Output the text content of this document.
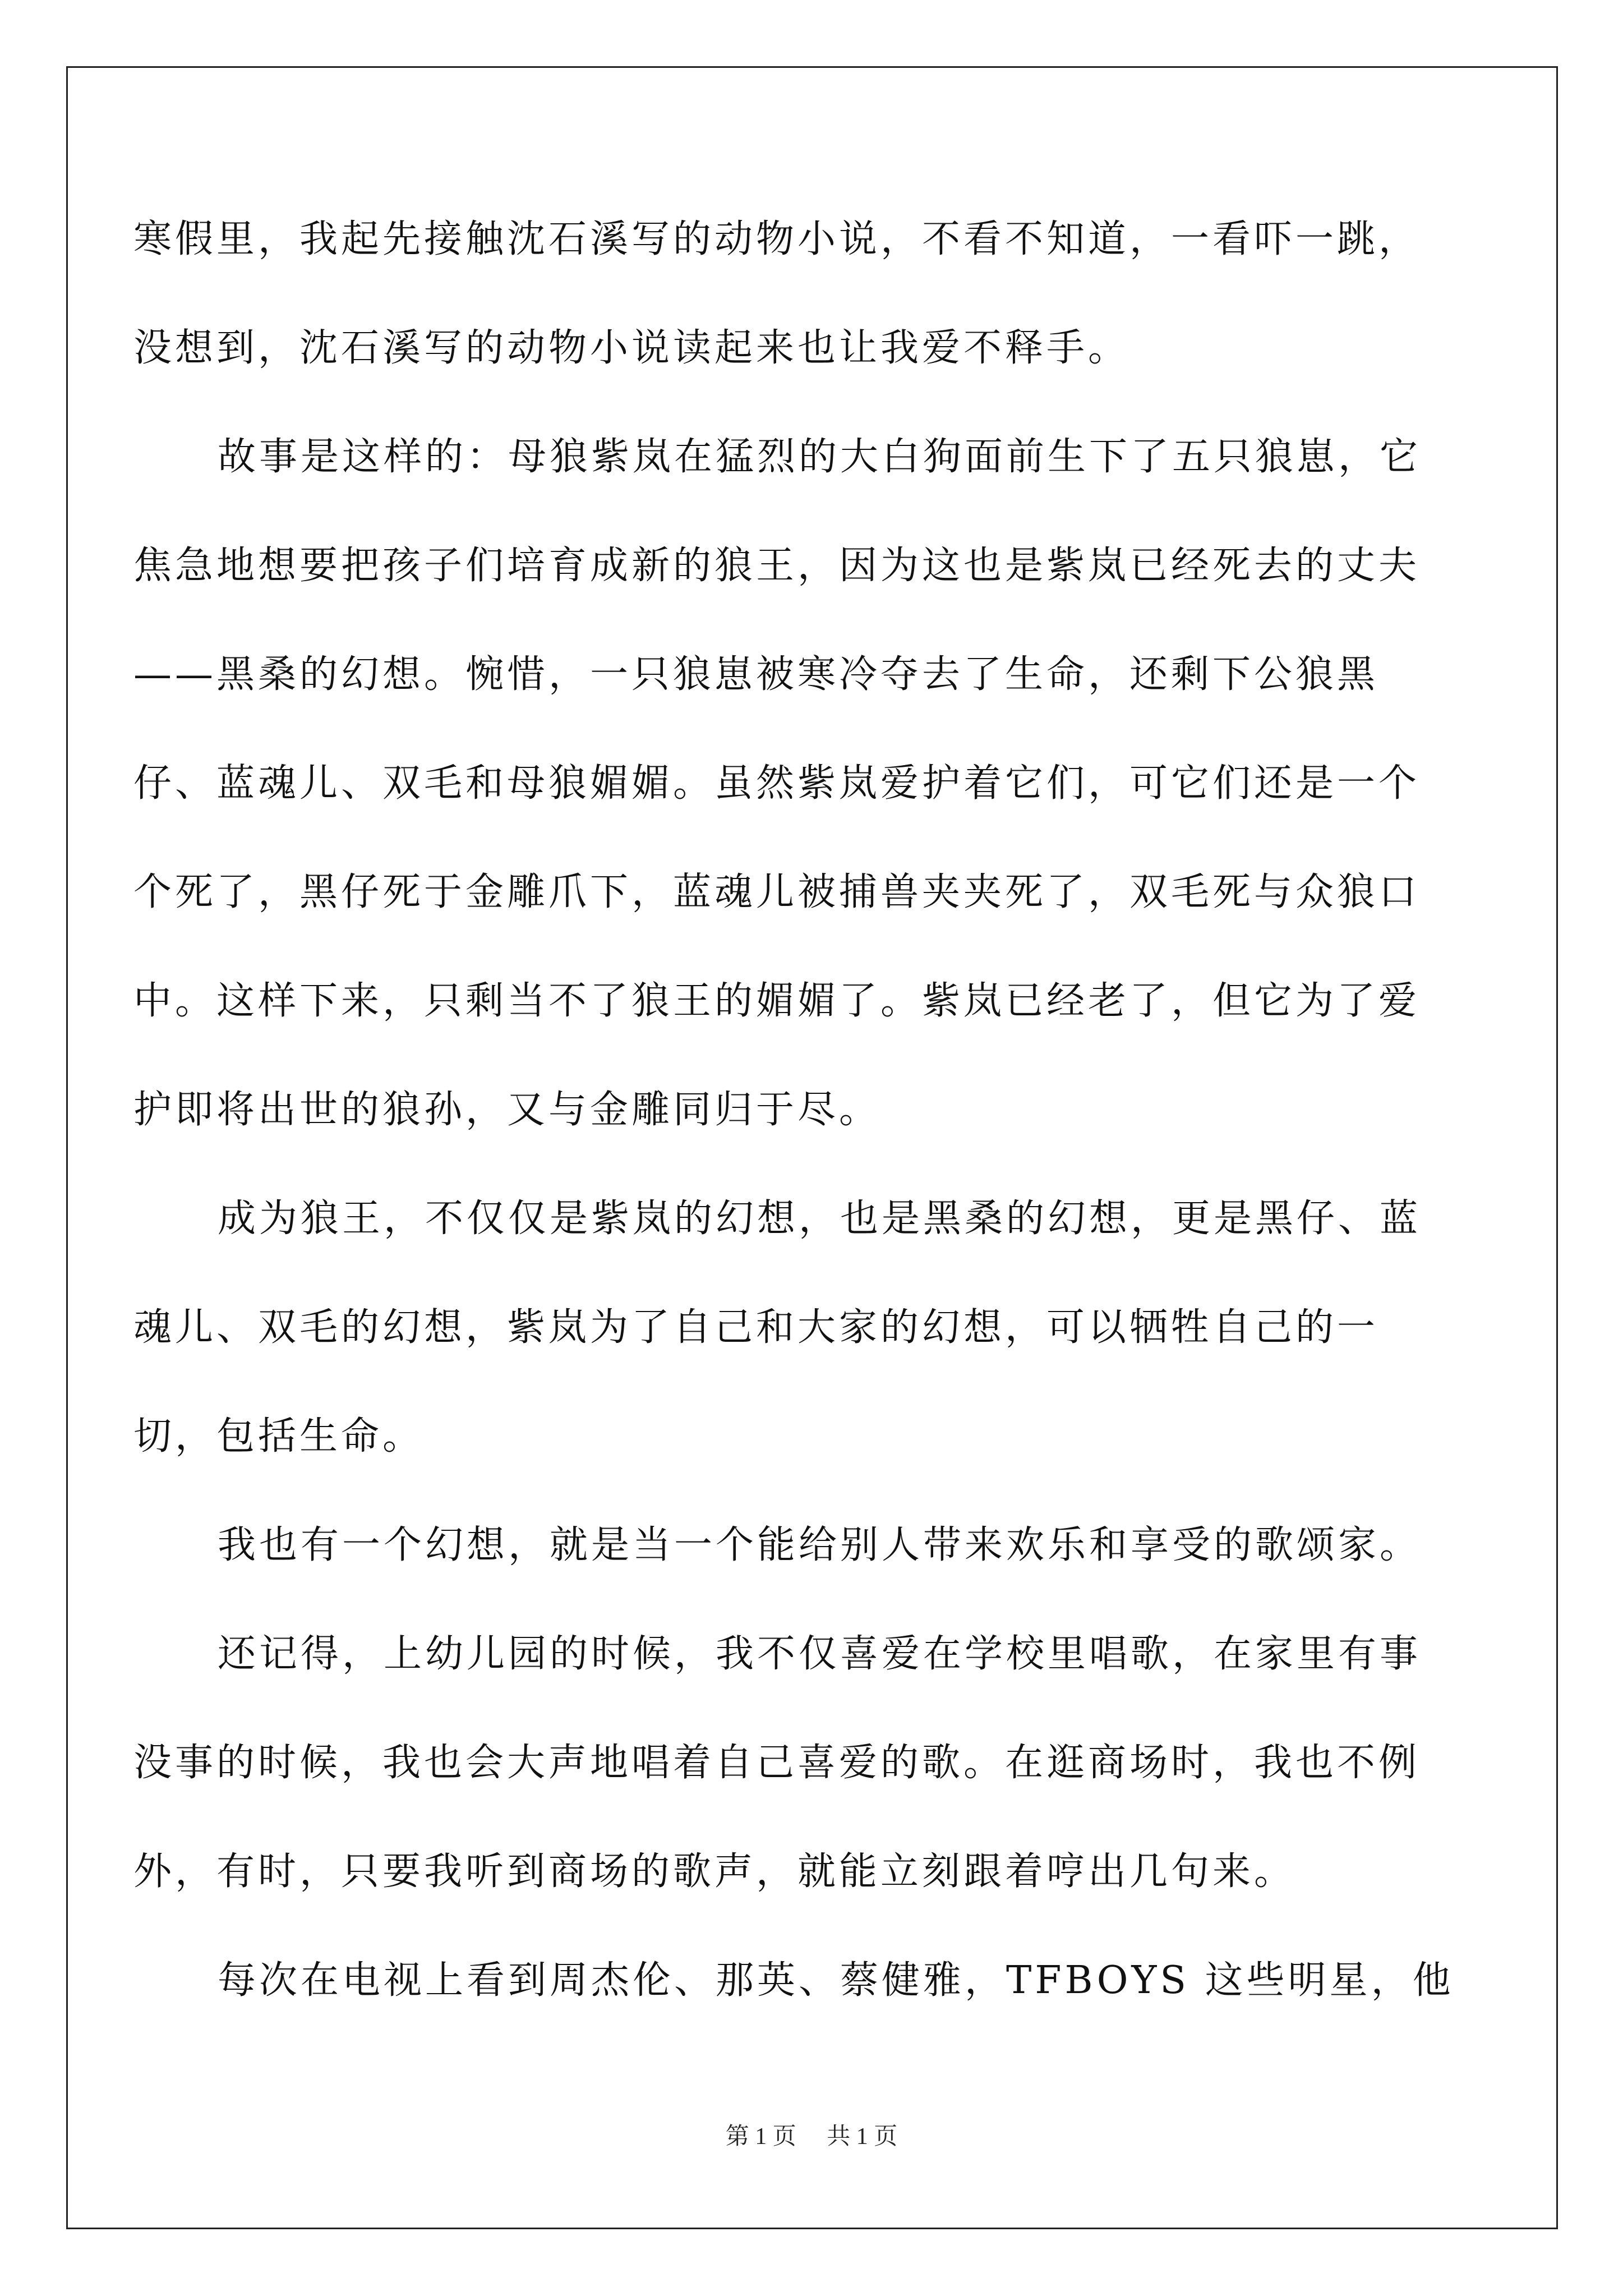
寒假里，我起先接触沈石溪写的动物小说，不看不知道，一看吓一跳，没想到，沈石溪写的动物小说读起来也让我爱不释手。

故事是这样的：母狼紫岚在猛烈的大白狗面前生下了五只狼崽，它焦急地想要把孩子们培育成新的狼王，因为这也是紫岚已经死去的丈夫——黑桑的幻想。惋惜，一只狼崽被寒冷夺去了生命，还剩下公狼黑仔、蓝魂儿、双毛和母狼媚媚。虽然紫岚爱护着它们，可它们还是一个个死了，黑仔死于金雕爪下，蓝魂儿被捕兽夹夹死了，双毛死与众狼口中。这样下来，只剩当不了狼王的媚媚了。紫岚已经老了，但它为了爱护即将出世的狼孙，又与金雕同归于尽。

成为狼王，不仅仅是紫岚的幻想，也是黑桑的幻想，更是黑仔、蓝魂儿、双毛的幻想，紫岚为了自己和大家的幻想，可以牺牲自己的一切，包括生命。

我也有一个幻想，就是当一个能给别人带来欢乐和享受的歌颂家。

还记得，上幼儿园的时候，我不仅喜爱在学校里唱歌，在家里有事没事的时候，我也会大声地唱着自己喜爱的歌。在逛商场时，我也不例外，有时，只要我听到商场的歌声，就能立刻跟着哼出几句来。

每次在电视上看到周杰伦、那英、蔡健雅，TFBOYS 这些明星，他

第 1 页 共 1 页
